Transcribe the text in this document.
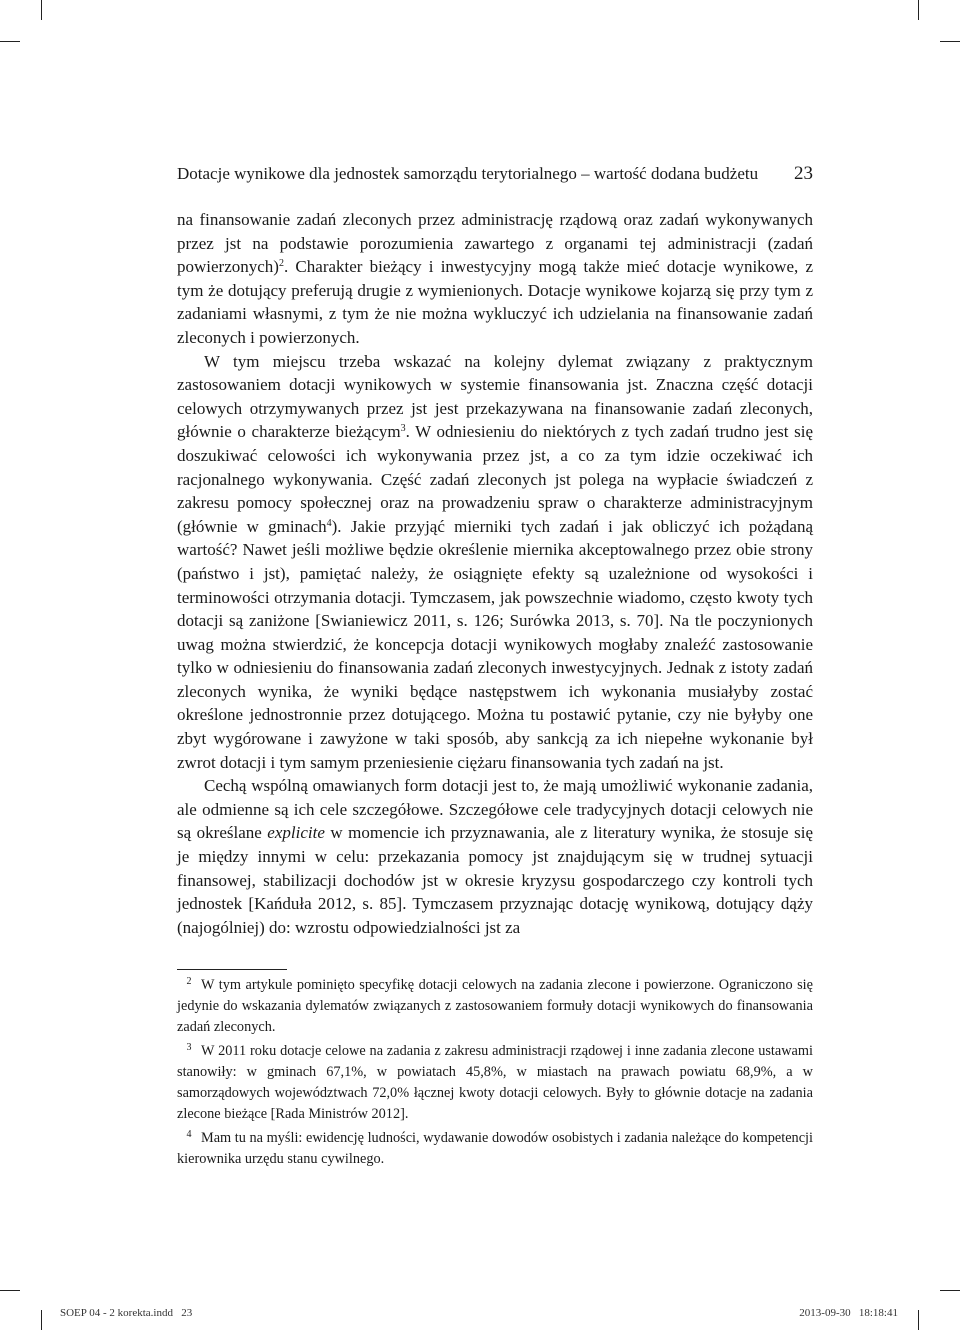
Dotacje wynikowe dla jednostek samorządu terytorialnego – wartość dodana budżetu 23

na finansowanie zadań zleconych przez administrację rządową oraz zadań wykonywanych przez jst na podstawie porozumienia zawartego z organami tej administracji (zadań powierzonych)$^2$. Charakter bieżący i inwestycyjny mogą także mieć dotacje wynikowe, z tym że dotujący preferują drugie z wymienionych. Dotacje wynikowe kojarzą się przy tym z zadaniami własnymi, z tym że nie można wykluczyć ich udzielania na finansowanie zadań zleconych i powierzonych.

W tym miejscu trzeba wskazać na kolejny dylemat związany z praktycznym zastosowaniem dotacji wynikowych w systemie finansowania jst. Znaczna część dotacji celowych otrzymywanych przez jst jest przekazywana na finansowanie zadań zleconych, głównie o charakterze bieżącym$^3$. W odniesieniu do niektórych z tych zadań trudno jest się doszukiwać celowości ich wykonywania przez jst, a co za tym idzie oczekiwać ich racjonalnego wykonywania. Część zadań zleconych jst polega na wypłacie świadczeń z zakresu pomocy społecznej oraz na prowadzeniu spraw o charakterze administracyjnym (głównie w gminach$^4$). Jakie przyjąć mierniki tych zadań i jak obliczyć ich pożądaną wartość? Nawet jeśli możliwe będzie określenie miernika akceptowalnego przez obie strony (państwo i jst), pamiętać należy, że osiągnięte efekty są uzależnione od wysokości i terminowości otrzymania dotacji. Tymczasem, jak powszechnie wiadomo, często kwoty tych dotacji są zaniżone [Swianiewicz 2011, s. 126; Surówka 2013, s. 70]. Na tle poczynionych uwag można stwierdzić, że koncepcja dotacji wynikowych mogłaby znaleźć zastosowanie tylko w odniesieniu do finansowania zadań zleconych inwestycyjnych. Jednak z istoty zadań zleconych wynika, że wyniki będące następstwem ich wykonania musiałyby zostać określone jednostronnie przez dotującego. Można tu postawić pytanie, czy nie byłyby one zbyt wygórowane i zawyżone w taki sposób, aby sankcją za ich niepełne wykonanie był zwrot dotacji i tym samym przeniesienie ciężaru finansowania tych zadań na jst.

Cechą wspólną omawianych form dotacji jest to, że mają umożliwić wykonanie zadania, ale odmienne są ich cele szczegółowe. Szczegółowe cele tradycyjnych dotacji celowych nie są określane explicite w momencie ich przyznawania, ale z literatury wynika, że stosuje się je między innymi w celu: przekazania pomocy jst znajdującym się w trudnej sytuacji finansowej, stabilizacji dochodów jst w okresie kryzysu gospodarczego czy kontroli tych jednostek [Kańduła 2012, s. 85]. Tymczasem przyznając dotację wynikową, dotujący dąży (najogólniej) do: wzrostu odpowiedzialności jst za

2 W tym artykule pominięto specyfikę dotacji celowych na zadania zlecone i powierzone. Ograniczono się jedynie do wskazania dylematów związanych z zastosowaniem formuły dotacji wynikowych do finansowania zadań zleconych.

3 W 2011 roku dotacje celowe na zadania z zakresu administracji rządowej i inne zadania zlecone ustawami stanowiły: w gminach 67,1%, w powiatach 45,8%, w miastach na prawach powiatu 68,9%, a w samorządowych województwach 72,0% łącznej kwoty dotacji celowych. Były to głównie dotacje na zadania zlecone bieżące [Rada Ministrów 2012].

4 Mam tu na myśli: ewidencję ludności, wydawanie dowodów osobistych i zadania należące do kompetencji kierownika urzędu stanu cywilnego.

SOEP 04 - 2 korekta.indd   23	2013-09-30   18:18:41
